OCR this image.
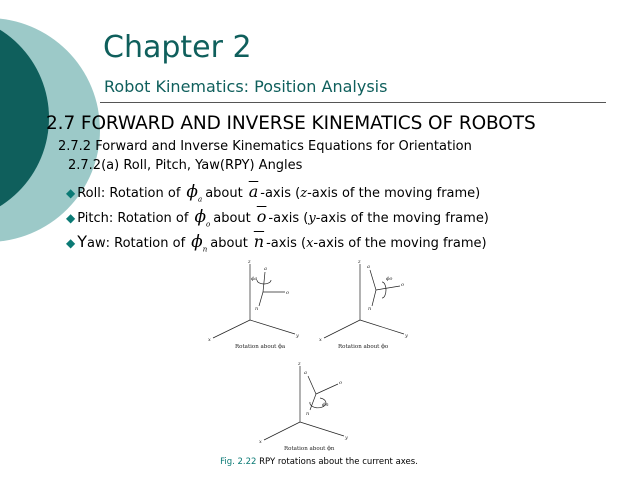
Chapter 2
Robot Kinematics: Position Analysis
2.7 FORWARD AND INVERSE KINEMATICS OF ROBOTS
2.7.2 Forward and Inverse Kinematics Equations for Orientation
2.7.2(a) Roll, Pitch, Yaw(RPY) Angles
◆ Roll : Rotation of $\phi_a$ about $\overline{a}$ -axis ( z -axis of the moving frame)
◆ Pitch : Rotation of $\phi_o$ about $\overline{o}$ -axis ( y -axis of the moving frame)
◆ Y aw : Rotation of $\phi_n$ about $\overline{n}$ -axis ( x -axis of the moving frame)
z
x
y
a
o
n
ϕa
Rotation about ϕa
z
x
y
a
o
n
ϕo
Rotation about ϕo
z
x
y
a
o
n
ϕn
Rotation about ϕn
Fig. 2.22 RPY rotations about the current axes.
